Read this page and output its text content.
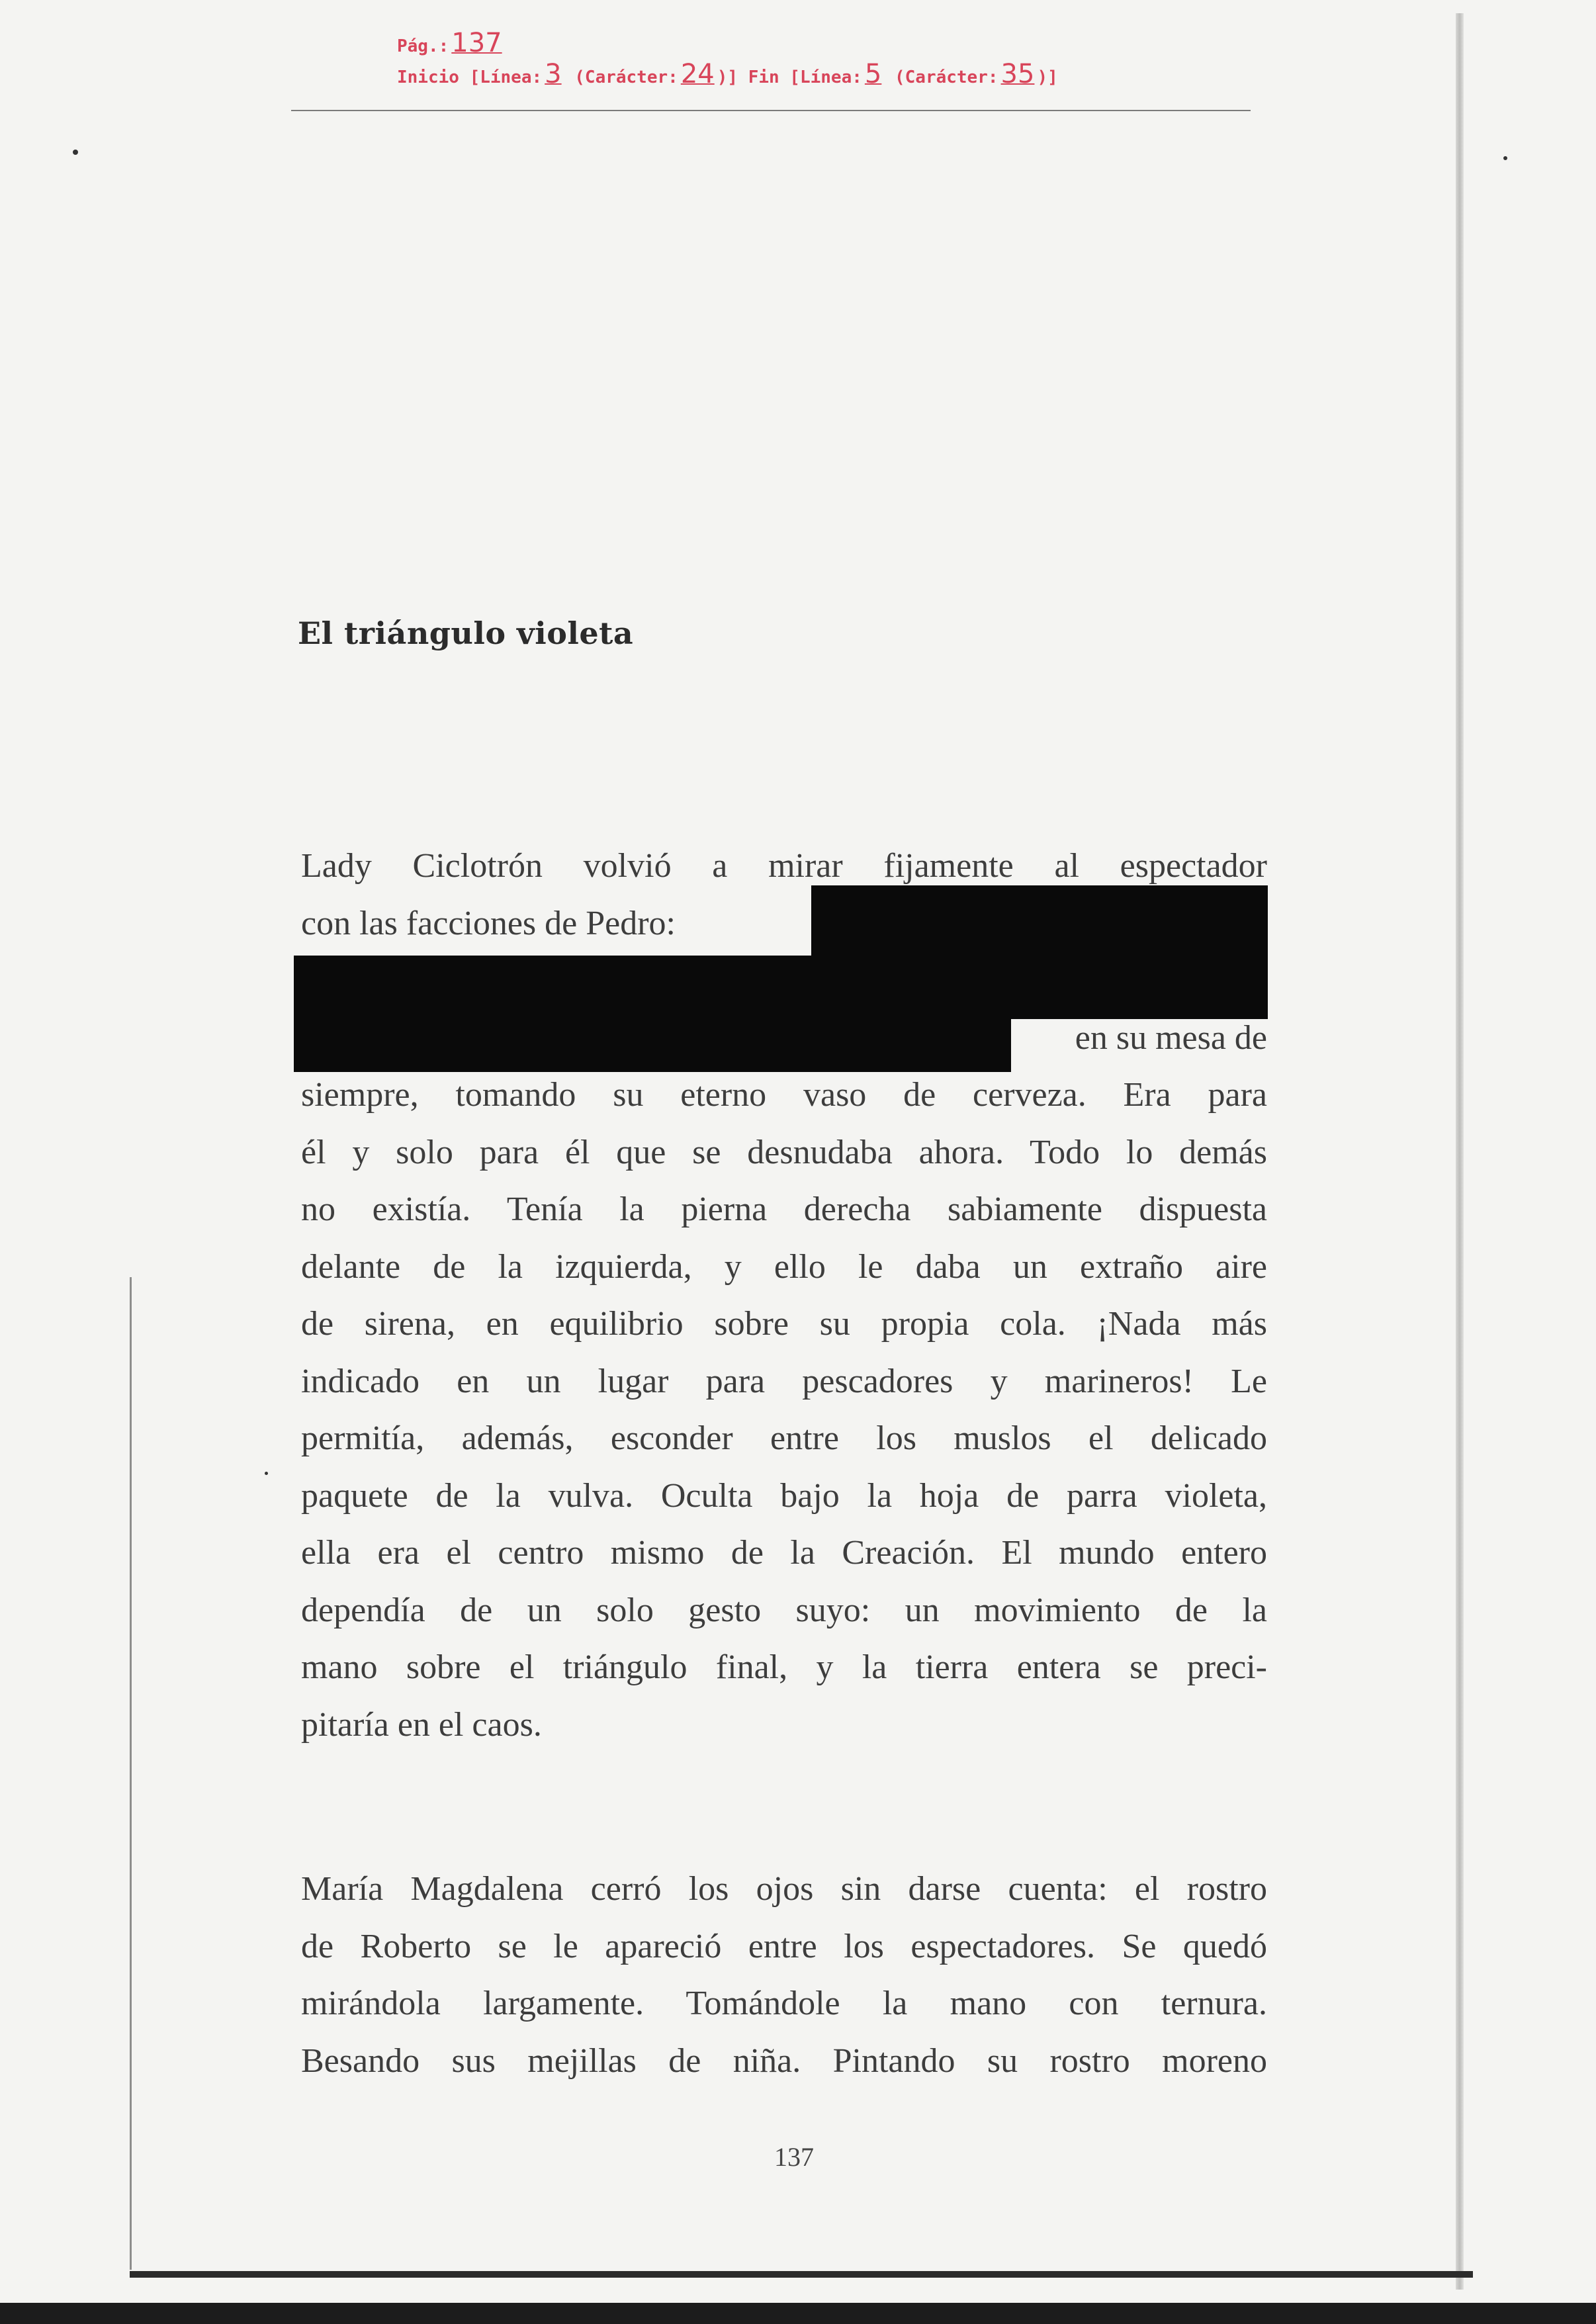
Pág.: 137
Inicio [Línea: 3 (Carácter: 24 )] Fin [Línea: 5 (Carácter: 35 )]
El triángulo violeta
Lady Ciclotrón volvió a mirar fijamente al espectador
con las facciones de Pedro:
en su mesa de
siempre, tomando su eterno vaso de cerveza. Era para
él y solo para él que se desnudaba ahora. Todo lo demás
no existía. Tenía la pierna derecha sabiamente dispuesta
delante de la izquierda, y ello le daba un extraño aire
de sirena, en equilibrio sobre su propia cola. ¡Nada más
indicado en un lugar para pescadores y marineros! Le
permitía, además, esconder entre los muslos el delicado
paquete de la vulva. Oculta bajo la hoja de parra violeta,
ella era el centro mismo de la Creación. El mundo entero
dependía de un solo gesto suyo: un movimiento de la
mano sobre el triángulo final, y la tierra entera se preci-
pitaría en el caos.
María Magdalena cerró los ojos sin darse cuenta: el rostro
de Roberto se le apareció entre los espectadores. Se quedó
mirándola largamente. Tomándole la mano con ternura.
Besando sus mejillas de niña. Pintando su rostro moreno
137
